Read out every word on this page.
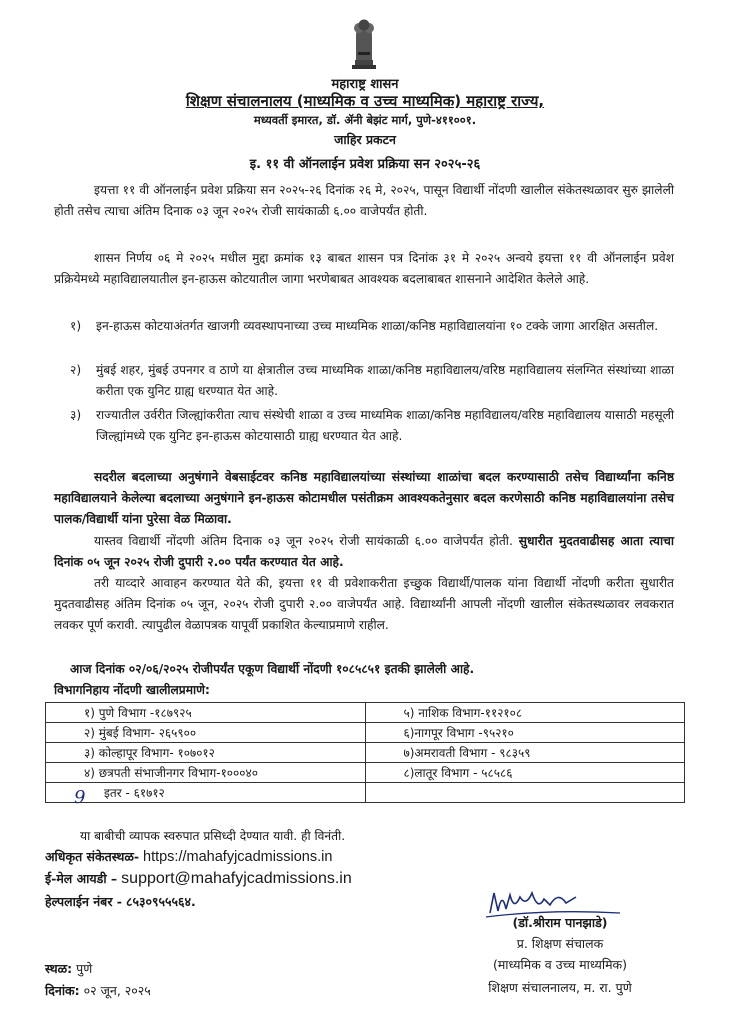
महाराष्ट्र शासन
शिक्षण संचालनालय (माध्यमिक व उच्च माध्यमिक) महाराष्ट्र राज्य,
मध्यवर्ती इमारत, डॉ. ॲनी बेझंट मार्ग, पुणे-४११००१.
जाहिर प्रकटन
इ. ११ वी ऑनलाईन प्रवेश प्रक्रिया सन २०२५-२६
इयत्ता ११ वी ऑनलाईन प्रवेश प्रक्रिया सन २०२५-२६ दिनांक २६ मे, २०२५, पासून विद्यार्थी नोंदणी खालील संकेतस्थळावर सुरु झालेली होती तसेच त्याचा अंतिम दिनाक ०३ जून २०२५ रोजी सायंकाळी ६.०० वाजेपर्यंत होती.
शासन निर्णय ०६ मे २०२५ मधील मुद्दा क्रमांक १३ बाबत शासन पत्र दिनांक ३१ मे २०२५ अन्वये इयत्ता ११ वी ऑनलाईन प्रवेश प्रक्रियेमध्ये महाविद्यालयातील इन-हाऊस कोटयातील जागा भरणेबाबत आवश्यक बदलाबाबत शासनाने आदेशित केलेले आहे.
१) इन-हाऊस कोटयाअंतर्गत खाजगी व्यवस्थापनाच्या उच्च माध्यमिक शाळा/कनिष्ठ महाविद्यालयांना १० टक्के जागा आरक्षित असतील.
२) मुंबई शहर, मुंबई उपनगर व ठाणे या क्षेत्रातील उच्च माध्यमिक शाळा/कनिष्ठ महाविद्यालय/वरिष्ठ महाविद्यालय संलग्नित संस्थांच्या शाळा करीता एक युनिट ग्राह्य धरण्यात येत आहे.
३) राज्यातील उर्वरीत जिल्ह्यांकरीता त्याच संस्थेची शाळा व उच्च माध्यमिक शाळा/कनिष्ठ महाविद्यालय/वरिष्ठ महाविद्यालय यासाठी महसूली जिल्ह्यांमध्ये एक युनिट इन-हाऊस कोटयासाठी ग्राह्य धरण्यात येत आहे.
सदरील बदलाच्या अनुषंगाने वेबसाईटवर कनिष्ठ महाविद्यालयांच्या संस्थांच्या शाळांचा बदल करण्यासाठी तसेच विद्यार्थ्यांना कनिष्ठ महाविद्यालयाने केलेल्या बदलाच्या अनुषंगाने इन-हाऊस कोटामधील पसंतीक्रम आवश्यकतेनुसार बदल करणेसाठी कनिष्ठ महाविद्यालयांना तसेच पालक/विद्यार्थी यांना पुरेसा वेळ मिळावा.
यास्तव विद्यार्थी नोंदणी अंतिम दिनाक ०३ जून २०२५ रोजी सायंकाळी ६.०० वाजेपर्यंत होती. सुधारीत मुदतवाढीसह आता त्याचा दिनांक ०५ जून २०२५ रोजी दुपारी २.०० पर्यंत करण्यात येत आहे.
तरी याव्दारे आवाहन करण्यात येते की, इयत्ता ११ वी प्रवेशाकरीता इच्छुक विद्यार्थी/पालक यांना विद्यार्थी नोंदणी करीता सुधारीत मुदतवाढीसह अंतिम दिनांक ०५ जून, २०२५ रोजी दुपारी २.०० वाजेपर्यंत आहे. विद्यार्थ्यांनी आपली नोंदणी खालील संकेतस्थळावर लवकरात लवकर पूर्ण करावी. त्यापुढील वेळापत्रक यापूर्वी प्रकाशित केल्याप्रमाणे राहील.
आज दिनांक ०२/०६/२०२५ रोजीपर्यंत एकूण विद्यार्थी नोंदणी १०८५८५१ इतकी झालेली आहे.
विभागनिहाय नोंदणी खालीलप्रमाणे:
१) पुणे विभाग -१८७९२५	५) नाशिक विभाग-११२१०८
२) मुंबई विभाग- २६५९००	६)नागपूर विभाग -९५२१०
३) कोल्हापूर विभाग- १०७०१२	७)अमरावती विभाग - ९८३५९
४) छत्रपती संभाजीनगर विभाग-१०००४०	८)लातूर विभाग - ५८५८६
इतर - ६१७१२	
9
या बाबीची व्यापक स्वरुपात प्रसिध्दी देण्यात यावी. ही विनंती.
अधिकृत संकेतस्थळ- https://mahafyjcadmissions.in
ई-मेल आयडी – support@mahafyjcadmissions.in
हेल्पलाईन नंबर - ८५३०९५५५६४.
(डॉ.श्रीराम पानझाडे)
प्र. शिक्षण संचालक
(माध्यमिक व उच्च माध्यमिक)
शिक्षण संचालनालय, म. रा. पुणे
स्थळ: पुणे
दिनांक: ०२ जून, २०२५
